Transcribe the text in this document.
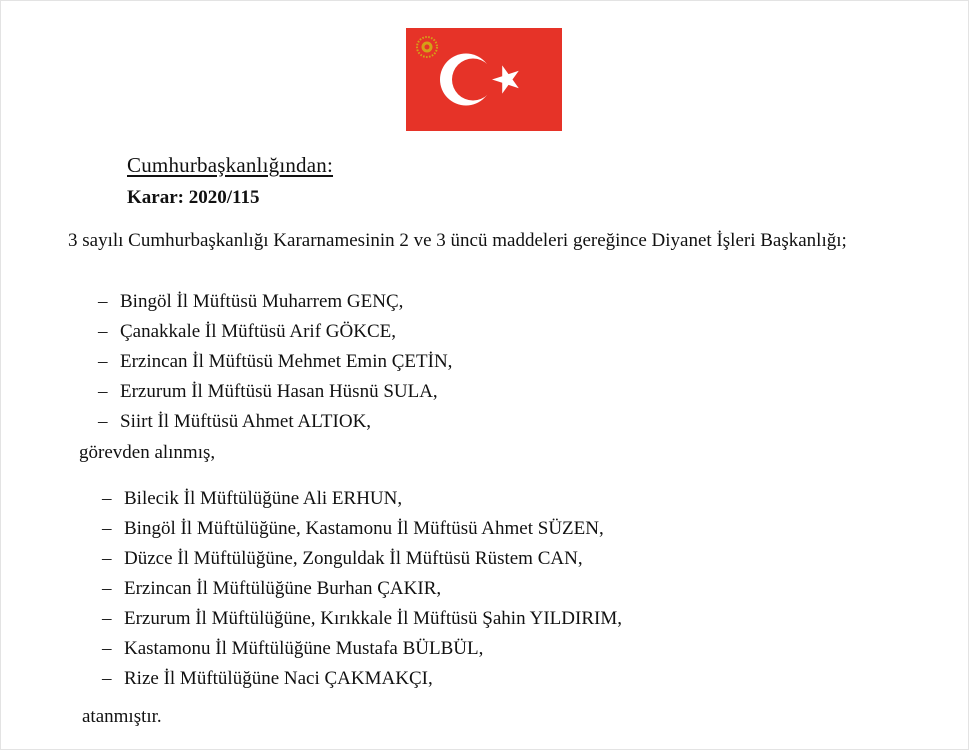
Cumhurbaşkanlığından:
Karar: 2020/115
3 sayılı Cumhurbaşkanlığı Kararnamesinin 2 ve 3 üncü maddeleri gereğince Diyanet İşleri Başkanlığı;
– Bingöl İl Müftüsü Muharrem GENÇ,
– Çanakkale İl Müftüsü Arif GÖKCE,
– Erzincan İl Müftüsü Mehmet Emin ÇETİN,
– Erzurum İl Müftüsü Hasan Hüsnü SULA,
– Siirt İl Müftüsü Ahmet ALTIOK,
görevden alınmış,
– Bilecik İl Müftülüğüne Ali ERHUN,
– Bingöl İl Müftülüğüne, Kastamonu İl Müftüsü Ahmet SÜZEN,
– Düzce İl Müftülüğüne, Zonguldak İl Müftüsü Rüstem CAN,
– Erzincan İl Müftülüğüne Burhan ÇAKIR,
– Erzurum İl Müftülüğüne, Kırıkkale İl Müftüsü Şahin YILDIRIM,
– Kastamonu İl Müftülüğüne Mustafa BÜLBÜL,
– Rize İl Müftülüğüne Naci ÇAKMAKÇI,
atanmıştır.
